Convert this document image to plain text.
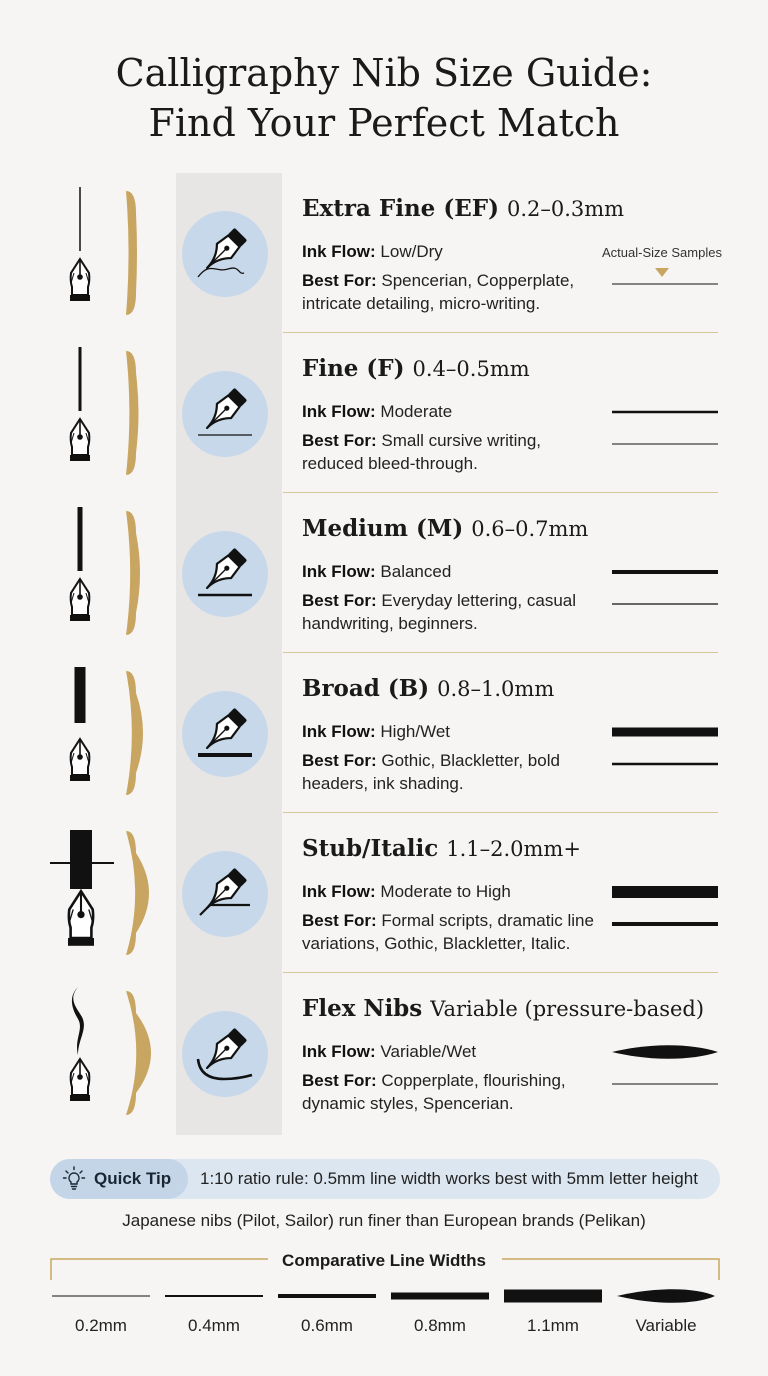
Calligraphy Nib Size Guide:
Find Your Perfect Match
Extra Fine (EF) 0.2–0.3mm
Ink Flow: Low/Dry
Best For: Spencerian, Copperplate, intricate detailing, micro-writing.
Fine (F) 0.4–0.5mm
Ink Flow: Moderate
Best For: Small cursive writing, reduced bleed-through.
Medium (M) 0.6–0.7mm
Ink Flow: Balanced
Best For: Everyday lettering, casual handwriting, beginners.
Broad (B) 0.8–1.0mm
Ink Flow: High/Wet
Best For: Gothic, Blackletter, bold headers, ink shading.
Stub/Italic 1.1–2.0mm+
Ink Flow: Moderate to High
Best For: Formal scripts, dramatic line variations, Gothic, Blackletter, Italic.
Flex Nibs Variable (pressure-based)
Ink Flow: Variable/Wet
Best For: Copperplate, flourishing, dynamic styles, Spencerian.
Actual-Size Samples
Quick Tip 1:10 ratio rule: 0.5mm line width works best with 5mm letter height
Japanese nibs (Pilot, Sailor) run finer than European brands (Pelikan)
Comparative Line Widths
0.2mm	0.4mm	0.6mm	0.8mm	1.1mm	Variable
